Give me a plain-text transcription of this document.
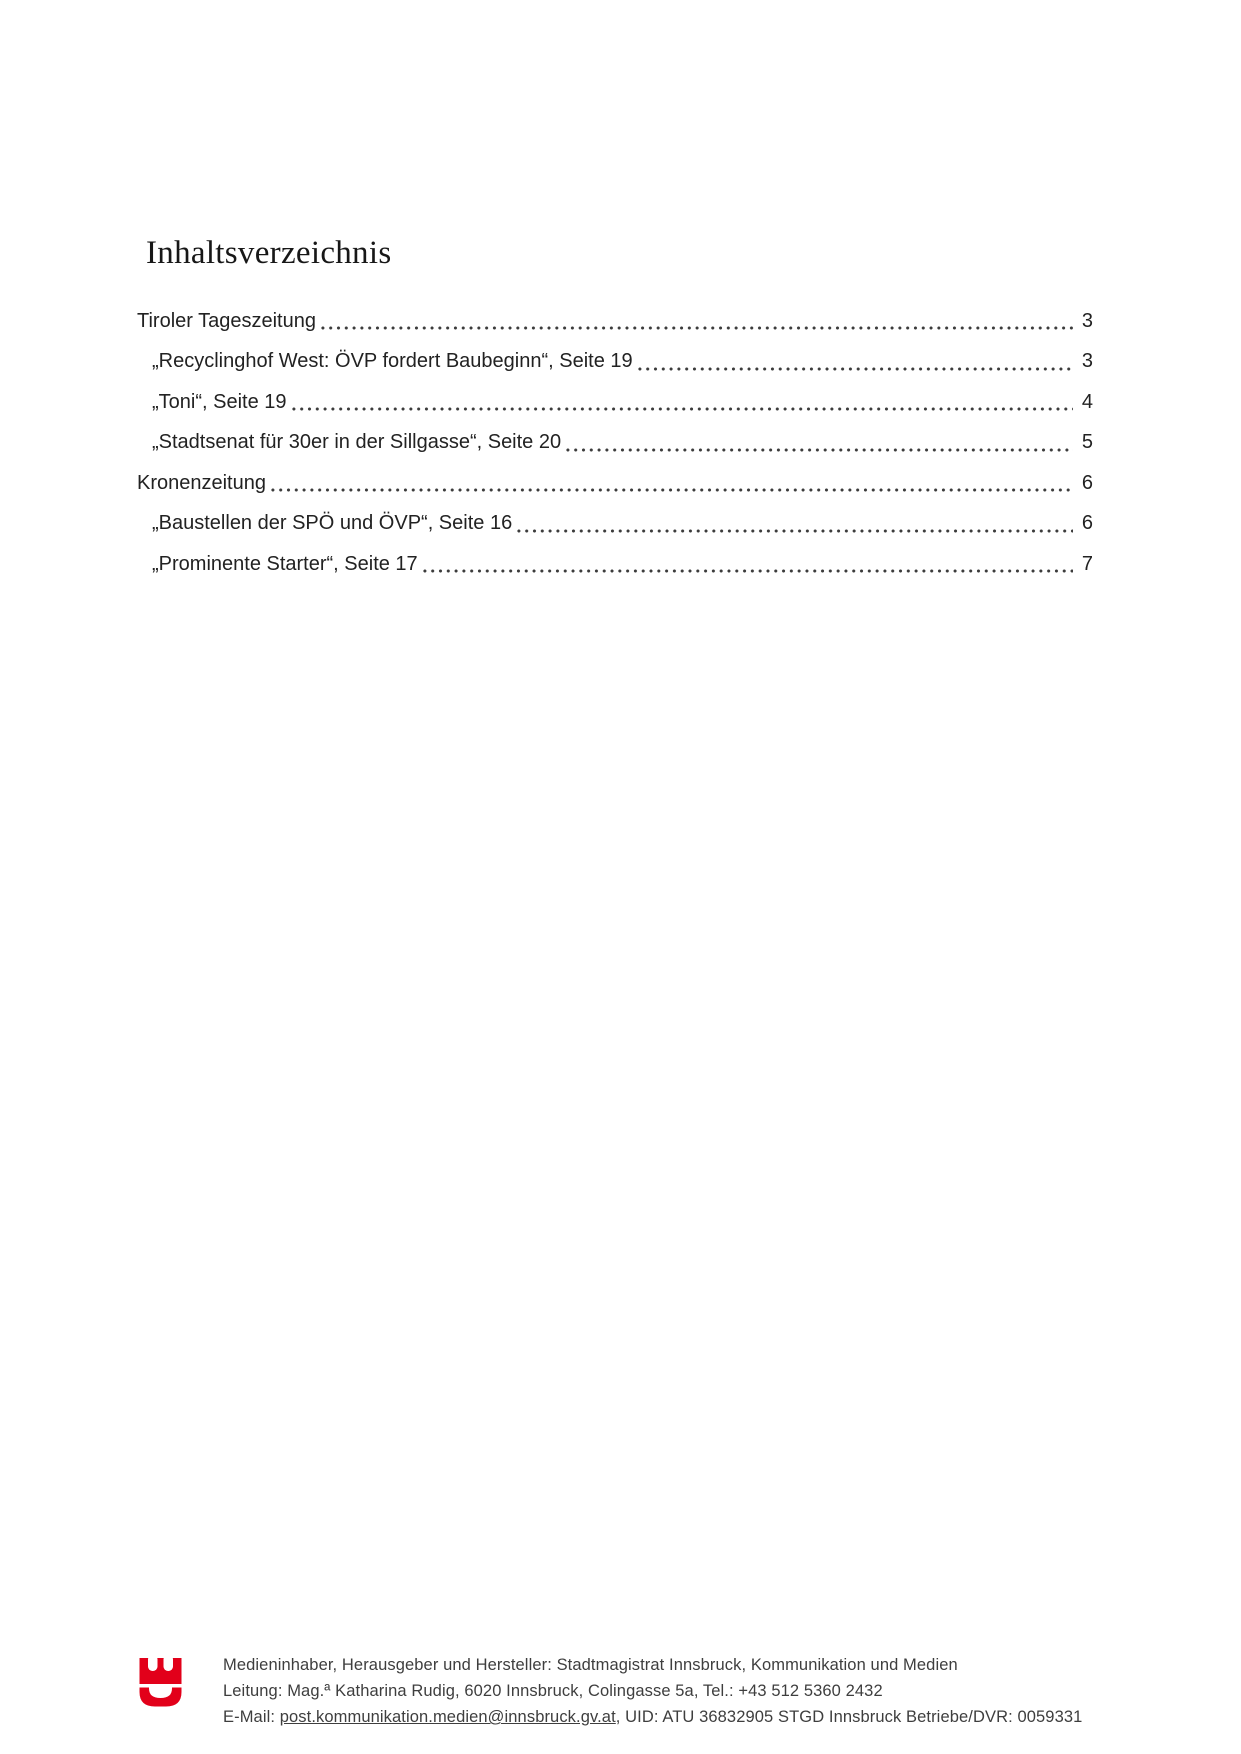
Inhaltsverzeichnis
Tiroler Tageszeitung	3
„Recyclinghof West: ÖVP fordert Baubeginn“, Seite 19	3
„Toni“, Seite 19	4
„Stadtsenat für 30er in der Sillgasse“, Seite 20	5
Kronenzeitung	6
„Baustellen der SPÖ und ÖVP“, Seite 16	6
„Prominente Starter“, Seite 17	7
Medieninhaber, Herausgeber und Hersteller: Stadtmagistrat Innsbruck, Kommunikation und Medien
Leitung: Mag.ª Katharina Rudig, 6020 Innsbruck, Colingasse 5a, Tel.: +43 512 5360 2432
E-Mail: post.kommunikation.medien@innsbruck.gv.at, UID: ATU 36832905 STGD Innsbruck Betriebe/DVR: 0059331
